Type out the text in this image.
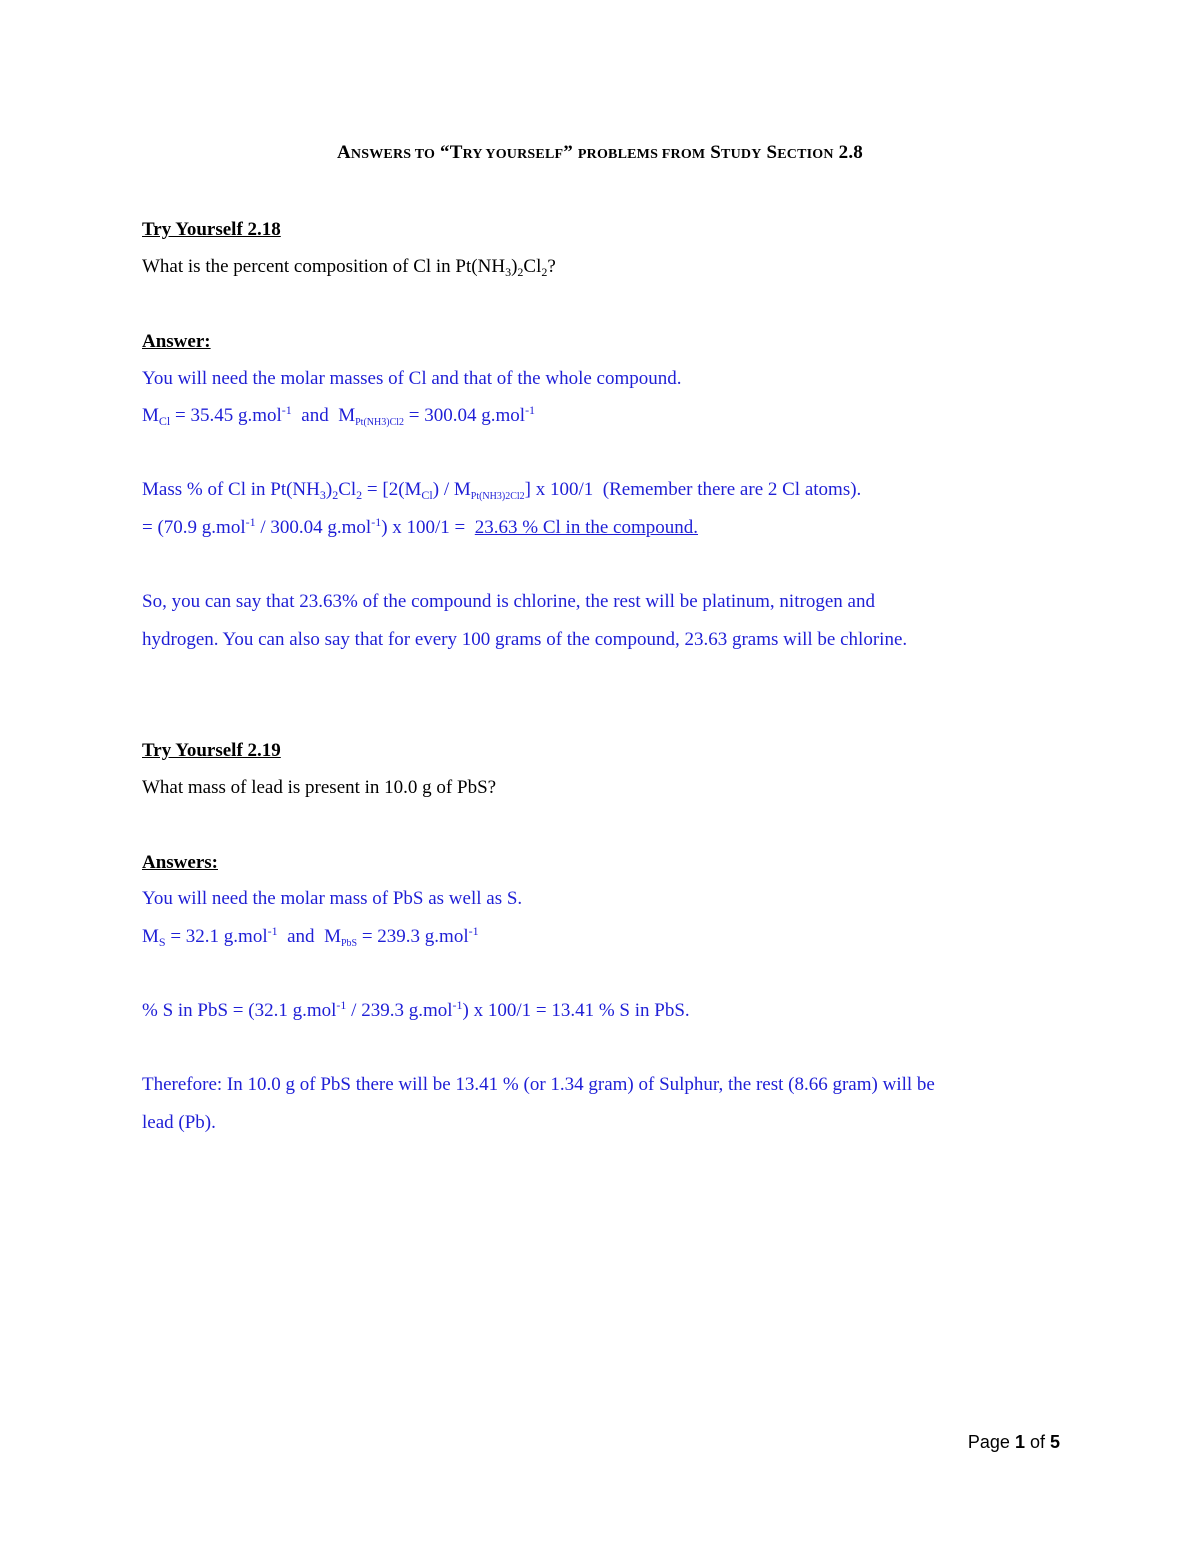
ANSWERS TO “TRY YOURSELF” PROBLEMS FROM STUDY SECTION 2.8
Try Yourself 2.18
What is the percent composition of Cl in $Pt(NH_3)_2Cl_2$?
Answer:
You will need the molar masses of Cl and that of the whole compound.
$M_{Cl} = 35.45$ g.mol$^{-1}$  and  $M_{Pt(NH3)Cl2} = 300.04$ g.mol$^{-1}$
Mass % of Cl in $Pt(NH_3)_2Cl_2 = [2(M_{Cl}) / M_{Pt(NH3)2Cl2}]$ x 100/1  (Remember there are 2 Cl atoms).
= (70.9 g.mol$^{-1}$ / 300.04 g.mol$^{-1}$) x 100/1 =  23.63 % Cl in the compound.
So, you can say that 23.63% of the compound is chlorine, the rest will be platinum, nitrogen and
hydrogen. You can also say that for every 100 grams of the compound, 23.63 grams will be chlorine.
Try Yourself 2.19
What mass of lead is present in 10.0 g of PbS?
Answers:
You will need the molar mass of PbS as well as S.
$M_S = 32.1$ g.mol$^{-1}$  and  $M_{PbS} = 239.3$ g.mol$^{-1}$
% S in PbS = (32.1 g.mol$^{-1}$ / 239.3 g.mol$^{-1}$) x 100/1 = 13.41 % S in PbS.
Therefore: In 10.0 g of PbS there will be 13.41 % (or 1.34 gram) of Sulphur, the rest (8.66 gram) will be
lead (Pb).
Page 1 of 5
